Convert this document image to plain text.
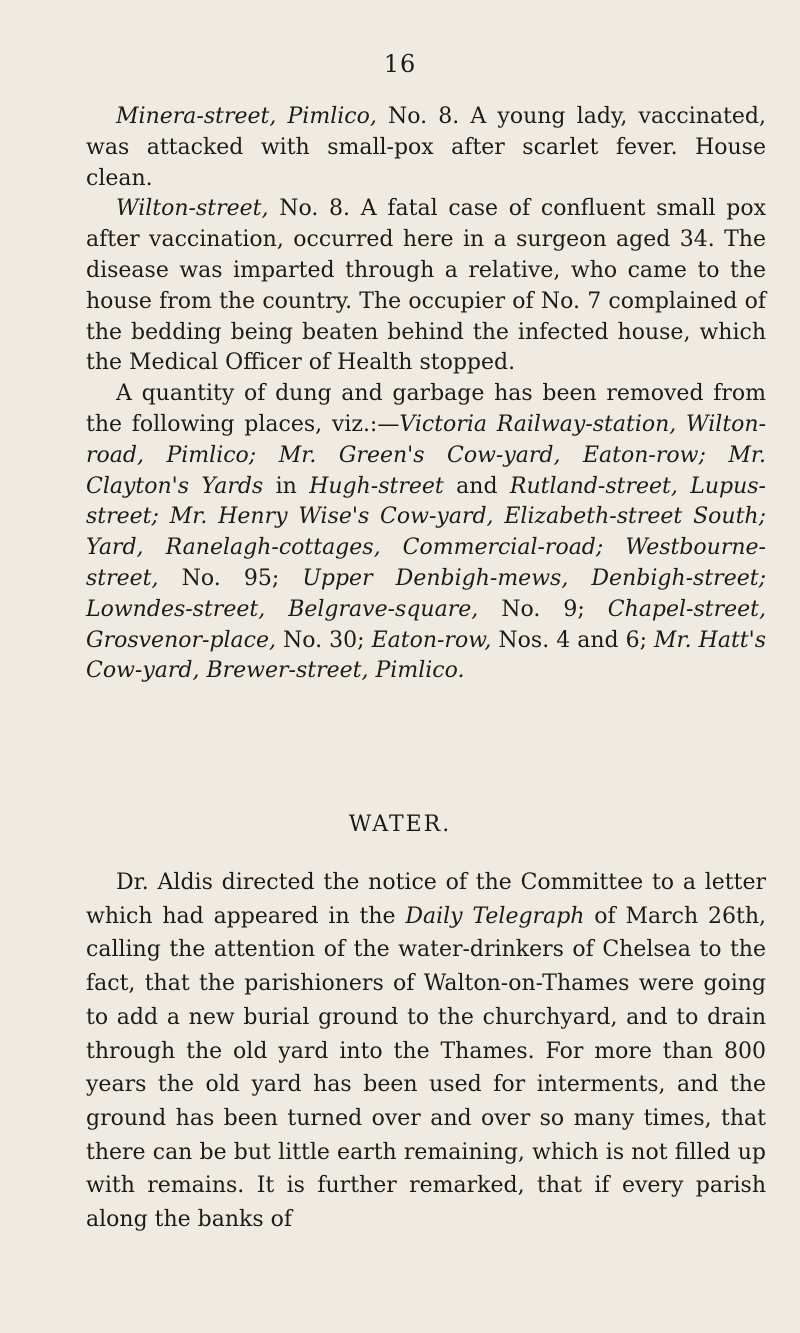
16

Minera-street, Pimlico, No. 8. A young lady, vaccinated, was attacked with small-pox after scarlet fever. House clean.

Wilton-street, No. 8. A fatal case of confluent small pox after vaccination, occurred here in a surgeon aged 34. The disease was imparted through a relative, who came to the house from the country. The occupier of No. 7 complained of the bedding being beaten behind the infected house, which the Medical Officer of Health stopped.

A quantity of dung and garbage has been removed from the following places, viz.:—Victoria Railway-station, Wilton-road, Pimlico; Mr. Green's Cow-yard, Eaton-row; Mr. Clayton's Yards in Hugh-street and Rutland-street, Lupus-street; Mr. Henry Wise's Cow-yard, Elizabeth-street South; Yard, Ranelagh-cottages, Commercial-road; Westbourne-street, No. 95; Upper Denbigh-mews, Denbigh-street; Lowndes-street, Belgrave-square, No. 9; Chapel-street, Grosvenor-place, No. 30; Eaton-row, Nos. 4 and 6; Mr. Hatt's Cow-yard, Brewer-street, Pimlico.

WATER.

Dr. Aldis directed the notice of the Committee to a letter which had appeared in the Daily Telegraph of March 26th, calling the attention of the water-drinkers of Chelsea to the fact, that the parishioners of Walton-on-Thames were going to add a new burial ground to the churchyard, and to drain through the old yard into the Thames. For more than 800 years the old yard has been used for interments, and the ground has been turned over and over so many times, that there can be but little earth remaining, which is not filled up with remains. It is further remarked, that if every parish along the banks of
